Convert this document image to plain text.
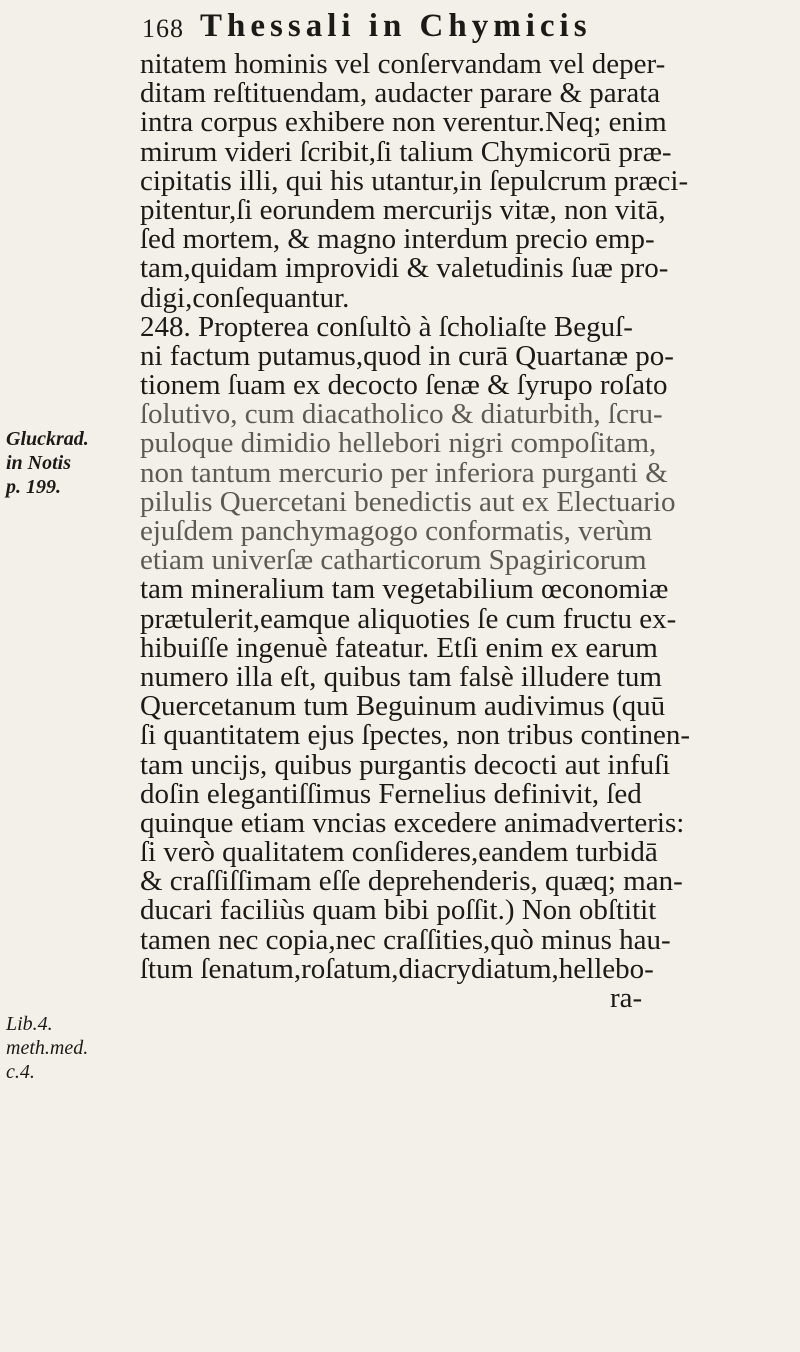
168 Thessali in Chymicis
Gluckrad.
in Notis
p. 199.
Lib.4.
meth.med.
c.4.
nitatem hominis vel conſervandam vel deper-
ditam reſtituendam, audacter parare & parata
intra corpus exhibere non verentur.Neq; enim
mirum videri ſcribit,ſi talium Chymicorū præ-
cipitatis illi, qui his utantur,in ſepulcrum præci-
pitentur,ſi eorundem mercurijs vitæ, non vitā,
ſed mortem, & magno interdum precio emp-
tam,quidam improvidi & valetudinis ſuæ pro-
digi,conſequantur.
248. Propterea conſultò à ſcholiaſte Beguſ-
ni factum putamus,quod in curā Quartanæ po-
tionem ſuam ex decocto ſenæ & ſyrupo roſato
ſolutivo, cum diacatholico & diaturbith, ſcru-
puloque dimidio hellebori nigri compoſitam,
non tantum mercurio per inferiora purganti &
pilulis Quercetani benedictis aut ex Electuario
ejuſdem panchymagogo conformatis, verùm
etiam univerſæ catharticorum Spagiricorum
tam mineralium tam vegetabilium œconomiæ
prætulerit,eamque aliquoties ſe cum fructu ex-
hibuiſſe ingenuè fateatur. Etſi enim ex earum
numero illa eſt, quibus tam falsè illudere tum
Quercetanum tum Beguinum audivimus (quū
ſi quantitatem ejus ſpectes, non tribus continen-
tam uncijs, quibus purgantis decocti aut infuſi
doſin elegantiſſimus Fernelius definivit, ſed
quinque etiam vncias excedere animadverteris:
ſi verò qualitatem conſideres,eandem turbidā
& craſſiſſimam eſſe deprehenderis, quæq; man-
ducari faciliùs quam bibi poſſit.) Non obſtitit
tamen nec copia,nec craſſities,quò minus hau-
ſtum ſenatum,roſatum,diacrydiatum,hellebo-
ra-
